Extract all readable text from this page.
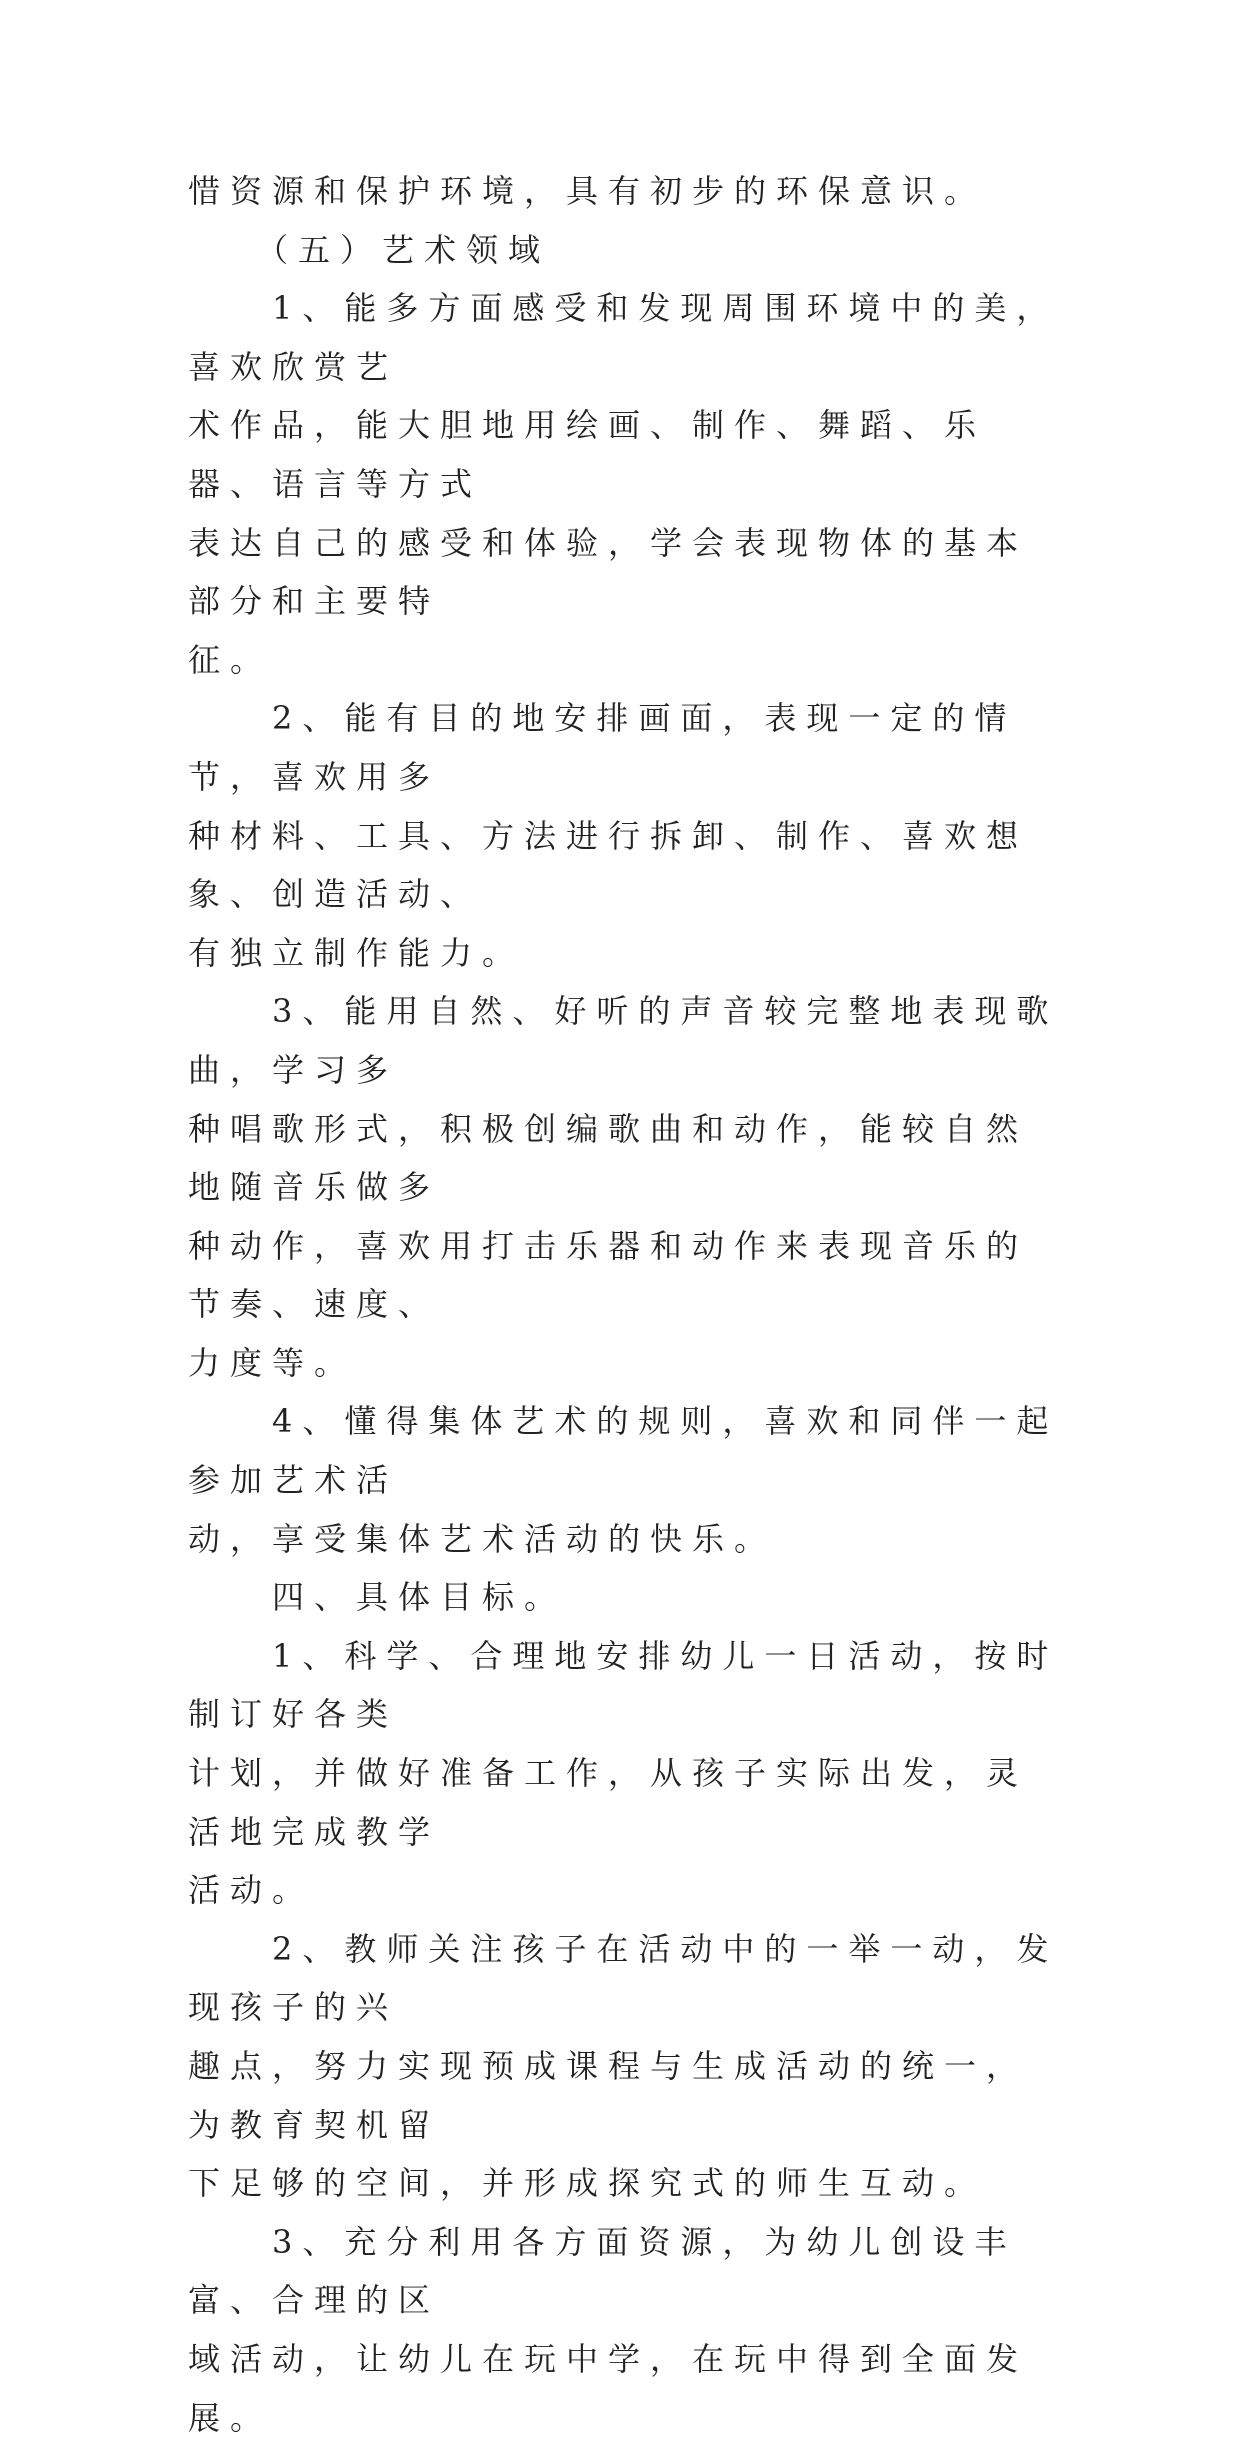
惜资源和保护环境，具有初步的环保意识。

　　（五）艺术领域

　　1、能多方面感受和发现周围环境中的美，喜欢欣赏艺

术作品，能大胆地用绘画、制作、舞蹈、乐器、语言等方式

表达自己的感受和体验，学会表现物体的基本部分和主要特

征。

　　2、能有目的地安排画面，表现一定的情节，喜欢用多

种材料、工具、方法进行拆卸、制作、喜欢想象、创造活动、

有独立制作能力。

　　3、能用自然、好听的声音较完整地表现歌曲，学习多

种唱歌形式，积极创编歌曲和动作，能较自然地随音乐做多

种动作，喜欢用打击乐器和动作来表现音乐的节奏、速度、

力度等。

　　4、懂得集体艺术的规则，喜欢和同伴一起参加艺术活

动，享受集体艺术活动的快乐。

　　四、具体目标。

　　1、科学、合理地安排幼儿一日活动，按时制订好各类

计划，并做好准备工作，从孩子实际出发，灵活地完成教学

活动。

　　2、教师关注孩子在活动中的一举一动，发现孩子的兴

趣点，努力实现预成课程与生成活动的统一，为教育契机留

下足够的空间，并形成探究式的师生互动。

　　3、充分利用各方面资源，为幼儿创设丰富、合理的区

域活动，让幼儿在玩中学，在玩中得到全面发展。
